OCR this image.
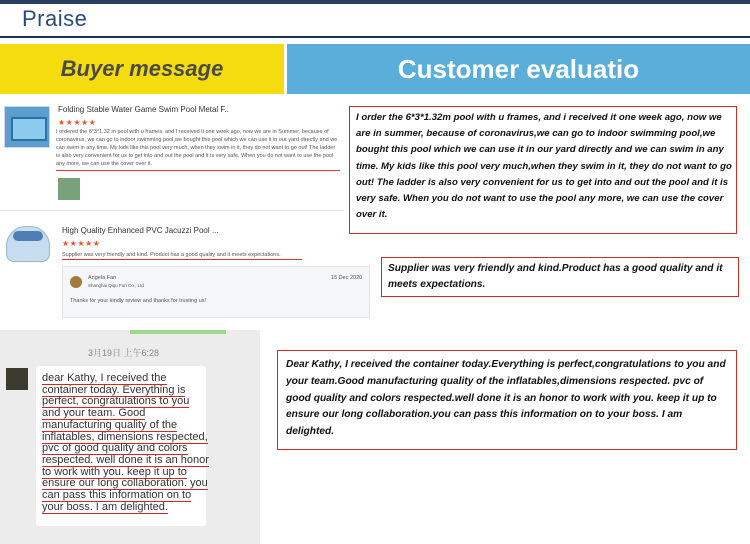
Praise
Buyer message	Customer evaluatio
Folding Stable Water Game Swim Pool Metal F..
★★★★★
I ordered the 6*3*1.32 m pool with u frames, and I received it one week ago, now we are in Summer, because of coronavirus, we can go to indoor swimming pool,we bought this pool which we can use it in our yard directly and we can swim in any time. My kids like this pool very much, when they swim in it, they do not want to go out! The ladder is also very convenient for us to get into and out the pool and it is very safe. When you do not want to use the pool any more, we can use the cover over it.
High Quality Enhanced PVC Jacuzzi Pool ...
★★★★★
Supplier was very friendly and kind. Product has a good quality and it meets expectations.
Angela Fan
Shanghai Qiqu Fun Co., Ltd
15 Dec 2020
Thanks for your kindly review and thanks for trusting us!
3月19日 上午6:28
dear Kathy, I received the
container today. Everything is
perfect, congratulations to you
and your team. Good
manufacturing quality of the
inflatables, dimensions respected,
pvc of good quality and colors
respected. well done it is an honor
to work with you. keep it up to
ensure our long collaboration. you
can pass this information on to
your boss. I am delighted.
I order the 6*3*1.32m pool with u frames, and i received it one week ago, now we are in summer, because of coronavirus,we can go to indoor swimming pool,we bought this pool which we can use it in our yard directly and we can swim in any time. My kids like this pool very much,when they swim in it, they do not want to go out! The ladder is also very convenient for us to get into and out the pool and it is very safe. When you do not want to use the pool any more, we can use the cover over it.
Supplier was very friendly and kind.Product has a good quality and it meets expectations.
Dear Kathy, I received the container today.Everything is perfect,congratulations to you and your team.Good manufacturing quality of the inflatables,dimensions respected. pvc of good quality and colors respected.well done it is an honor to work with you. keep it up to ensure our long collaboration.you can pass this information on to your boss. I am delighted.
